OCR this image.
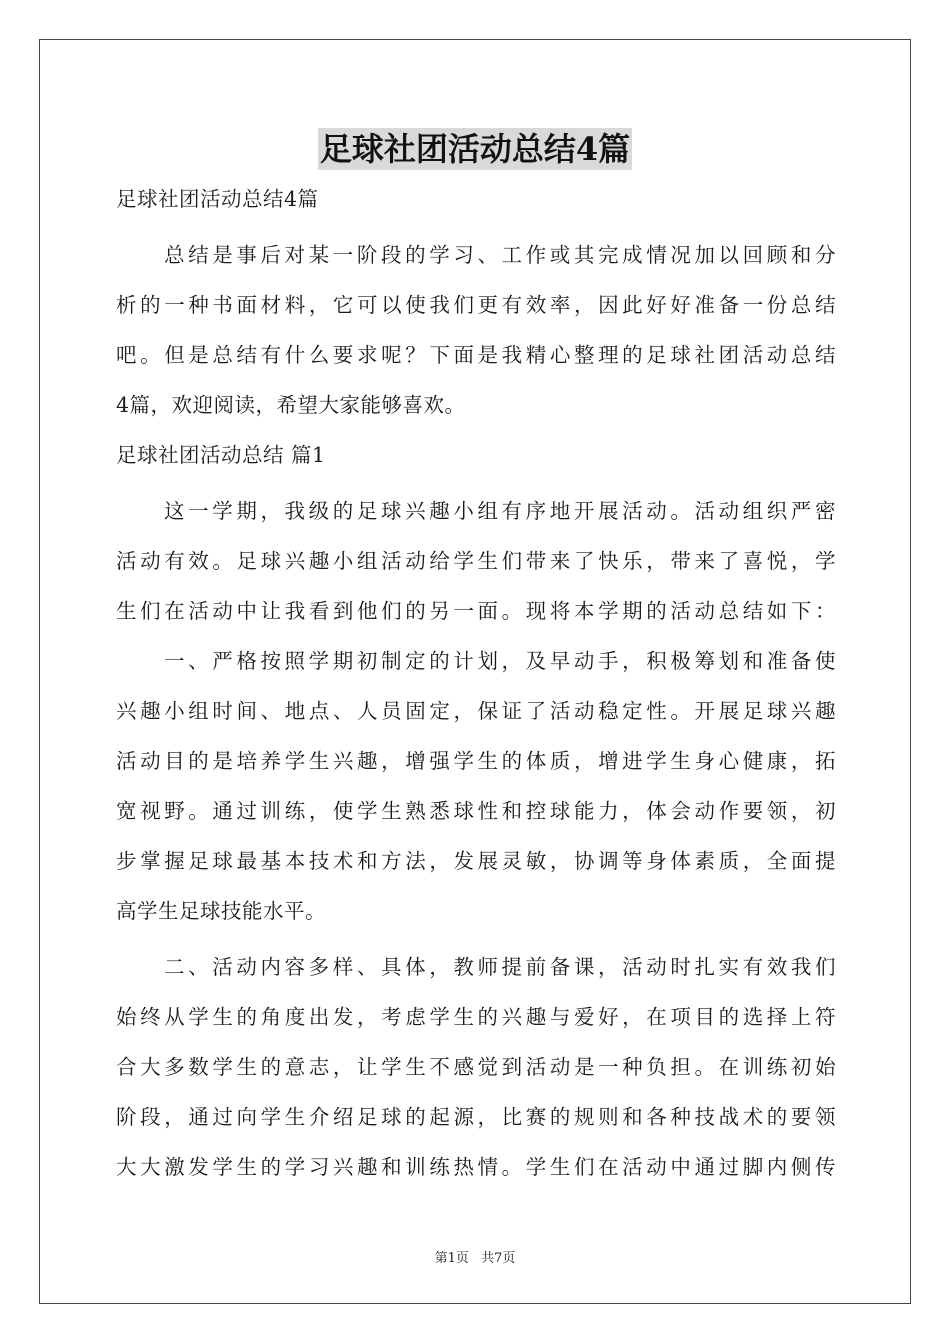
足球社团活动总结4篇
足球社团活动总结4篇
总结是事后对某一阶段的学习、工作或其完成情况加以回顾和分
析的一种书面材料，它可以使我们更有效率，因此好好准备一份总结
吧。但是总结有什么要求呢？下面是我精心整理的足球社团活动总结
4篇，欢迎阅读，希望大家能够喜欢。
足球社团活动总结 篇1
这一学期，我级的足球兴趣小组有序地开展活动。活动组织严密
活动有效。足球兴趣小组活动给学生们带来了快乐，带来了喜悦，学
生们在活动中让我看到他们的另一面。现将本学期的活动总结如下：
一、严格按照学期初制定的计划，及早动手，积极筹划和准备使
兴趣小组时间、地点、人员固定，保证了活动稳定性。开展足球兴趣
活动目的是培养学生兴趣，增强学生的体质，增进学生身心健康，拓
宽视野。通过训练，使学生熟悉球性和控球能力，体会动作要领，初
步掌握足球最基本技术和方法，发展灵敏，协调等身体素质，全面提
高学生足球技能水平。
二、活动内容多样、具体，教师提前备课，活动时扎实有效我们
始终从学生的角度出发，考虑学生的兴趣与爱好，在项目的选择上符
合大多数学生的意志，让学生不感觉到活动是一种负担。在训练初始
阶段，通过向学生介绍足球的起源，比赛的规则和各种技战术的要领
大大激发学生的学习兴趣和训练热情。学生们在活动中通过脚内侧传
第1页 共7页
